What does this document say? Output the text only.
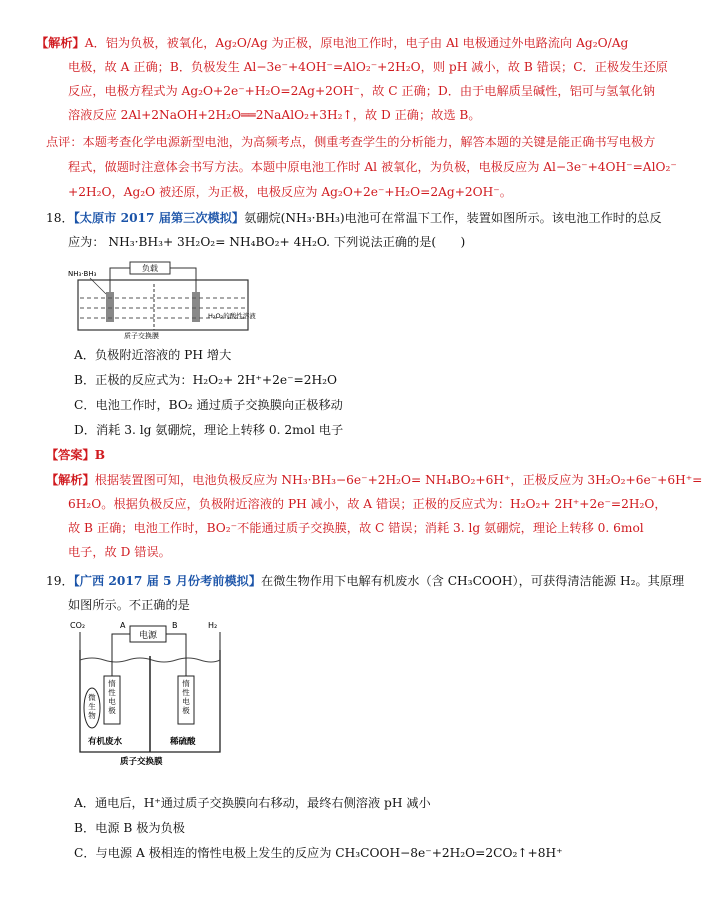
【解析】A．铝为负极，被氧化，Ag₂O/Ag 为正极，原电池工作时，电子由 Al 电极通过外电路流向 Ag₂O/Ag
电极，故 A 正确；B．负极发生 Al−3e⁻+4OH⁻=AlO₂⁻+2H₂O，则 pH 减小，故 B 错误；C．正极发生还原
反应，电极方程式为 Ag₂O+2e⁻+H₂O=2Ag+2OH⁻，故 C 正确；D．由于电解质呈碱性，铝可与氢氧化钠
溶液反应 2Al+2NaOH+2H₂O══2NaAlO₂+3H₂↑，故 D 正确；故选 B。
点评：本题考查化学电源新型电池，为高频考点，侧重考查学生的分析能力，解答本题的关键是能正确书写电极方
程式，做题时注意体会书写方法。本题中原电池工作时 Al 被氧化，为负极，电极反应为 Al−3e⁻+4OH⁻=AlO₂⁻
+2H₂O，Ag₂O 被还原，为正极，电极反应为 Ag₂O+2e⁻+H₂O=2Ag+2OH⁻。
18．【太原市 2017 届第三次模拟】氨硼烷(NH₃·BH₃)电池可在常温下工作，装置如图所示。该电池工作时的总反
应为： NH₃·BH₃+ 3H₂O₂= NH₄BO₂+ 4H₂O. 下列说法正确的是(　　)
负载
NH₃·BH₃
H₂O₂的酸性溶液
质子交换膜
A．负极附近溶液的 PH 增大
B．正极的反应式为：H₂O₂+ 2H⁺+2e⁻=2H₂O
C．电池工作时，BO₂ 通过质子交换膜向正极移动
D．消耗 3. lg 氨硼烷，理论上转移 0. 2mol 电子
【答案】B
【解析】根据装置图可知，电池负极反应为 NH₃·BH₃−6e⁻+2H₂O= NH₄BO₂+6H⁺，正极反应为 3H₂O₂+6e⁻+6H⁺=
6H₂O。根据负极反应，负极附近溶液的 PH 减小，故 A 错误；正极的反应式为：H₂O₂+ 2H⁺+2e⁻=2H₂O，
故 B 正确；电池工作时，BO₂⁻不能通过质子交换膜，故 C 错误；消耗 3. lg 氨硼烷，理论上转移 0. 6mol
电子，故 D 错误。
19．【广西 2017 届 5 月份考前模拟】在微生物作用下电解有机废水（含 CH₃COOH），可获得清洁能源 H₂。其原理
如图所示。不正确的是
电源
A	B
CO₂	H₂
微生物
惰性电极
惰性电极
有机废水	稀硫酸
质子交换膜
A．通电后，H⁺通过质子交换膜向右移动，最终右侧溶液 pH 减小
B．电源 B 极为负极
C．与电源 A 极相连的惰性电极上发生的反应为 CH₃COOH−8e⁻+2H₂O=2CO₂↑+8H⁺
